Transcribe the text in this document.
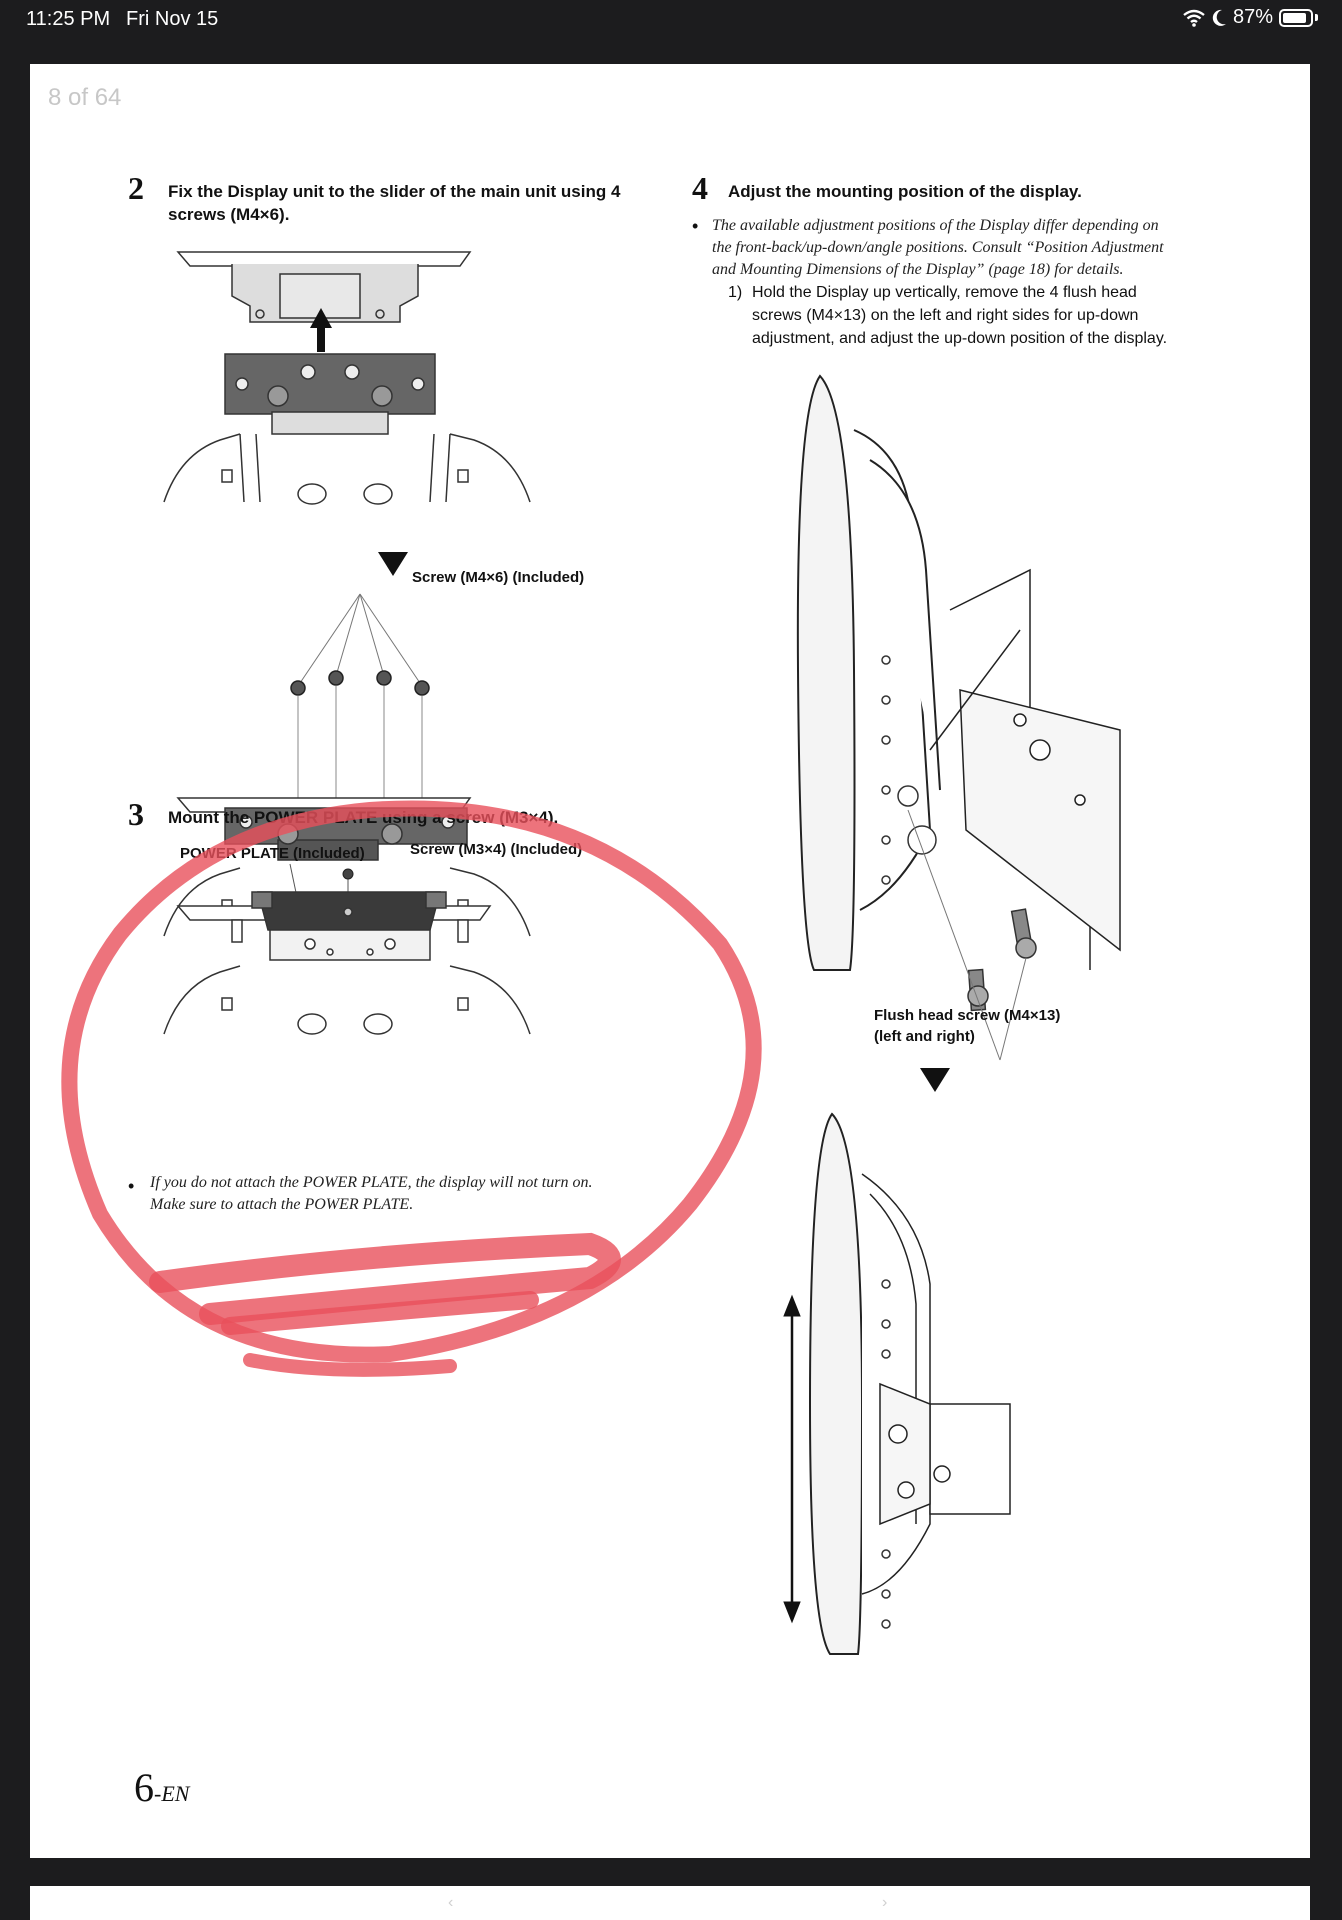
11:25 PM Fri Nov 15	87%
8 of 64
2 Fix the Display unit to the slider of the main unit using 4
screws (M4×6).
Screw (M4×6) (Included)
3 Mount the POWER PLATE using a screw (M3×4).
POWER PLATE (Included)	Screw (M3×4) (Included)
• If you do not attach the POWER PLATE, the display will not turn on.
Make sure to attach the POWER PLATE.
4 Adjust the mounting position of the display.
• The available adjustment positions of the Display differ depending on
the front-back/up-down/angle positions. Consult “Position Adjustment
and Mounting Dimensions of the Display” (page 18) for details.
1) Hold the Display up vertically, remove the 4 flush head
screws (M4×13) on the left and right sides for up-down
adjustment, and adjust the up-down position of the display.
Flush head screw (M4×13)
(left and right)
6-EN
‹	›
